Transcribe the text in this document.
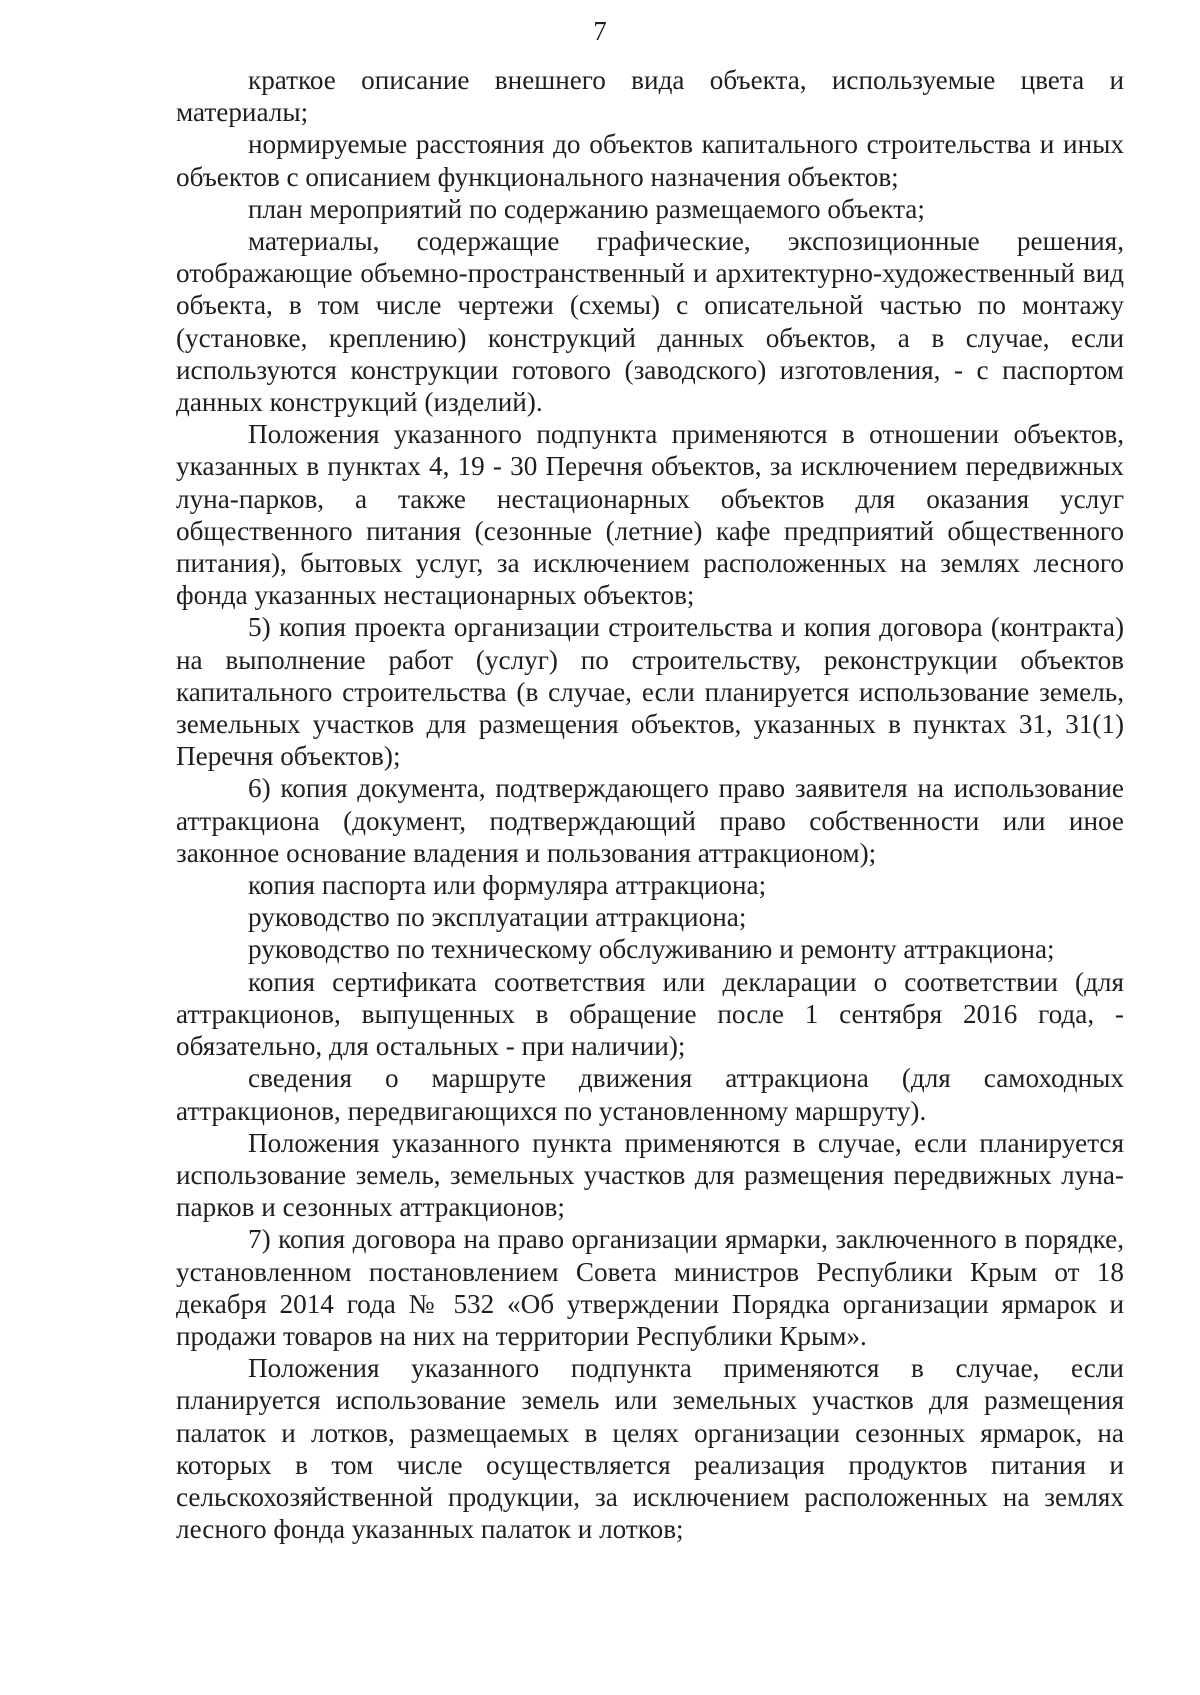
7

краткое описание внешнего вида объекта, используемые цвета и материалы;

нормируемые расстояния до объектов капитального строительства и иных объектов с описанием функционального назначения объектов;

план мероприятий по содержанию размещаемого объекта;

материалы, содержащие графические, экспозиционные решения, отображающие объемно-пространственный и архитектурно-художественный вид объекта, в том числе чертежи (схемы) с описательной частью по монтажу (установке, креплению) конструкций данных объектов, а в случае, если используются конструкции готового (заводского) изготовления, - с паспортом данных конструкций (изделий).

Положения указанного подпункта применяются в отношении объектов, указанных в пунктах 4, 19 - 30 Перечня объектов, за исключением передвижных луна-парков, а также нестационарных объектов для оказания услуг общественного питания (сезонные (летние) кафе предприятий общественного питания), бытовых услуг, за исключением расположенных на землях лесного фонда указанных нестационарных объектов;

5) копия проекта организации строительства и копия договора (контракта) на выполнение работ (услуг) по строительству, реконструкции объектов капитального строительства (в случае, если планируется использование земель, земельных участков для размещения объектов, указанных в пунктах 31, 31(1) Перечня объектов);

6) копия документа, подтверждающего право заявителя на использование аттракциона (документ, подтверждающий право собственности или иное законное основание владения и пользования аттракционом);

копия паспорта или формуляра аттракциона;

руководство по эксплуатации аттракциона;

руководство по техническому обслуживанию и ремонту аттракциона;

копия сертификата соответствия или декларации о соответствии (для аттракционов, выпущенных в обращение после 1 сентября 2016 года, - обязательно, для остальных - при наличии);

сведения о маршруте движения аттракциона (для самоходных аттракционов, передвигающихся по установленному маршруту).

Положения указанного пункта применяются в случае, если планируется использование земель, земельных участков для размещения передвижных луна-парков и сезонных аттракционов;

7) копия договора на право организации ярмарки, заключенного в порядке, установленном постановлением Совета министров Республики Крым от 18 декабря 2014 года № 532 «Об утверждении Порядка организации ярмарок и продажи товаров на них на территории Республики Крым».

Положения указанного подпункта применяются в случае, если планируется использование земель или земельных участков для размещения палаток и лотков, размещаемых в целях организации сезонных ярмарок, на которых в том числе осуществляется реализация продуктов питания и сельскохозяйственной продукции, за исключением расположенных на землях лесного фонда указанных палаток и лотков;
